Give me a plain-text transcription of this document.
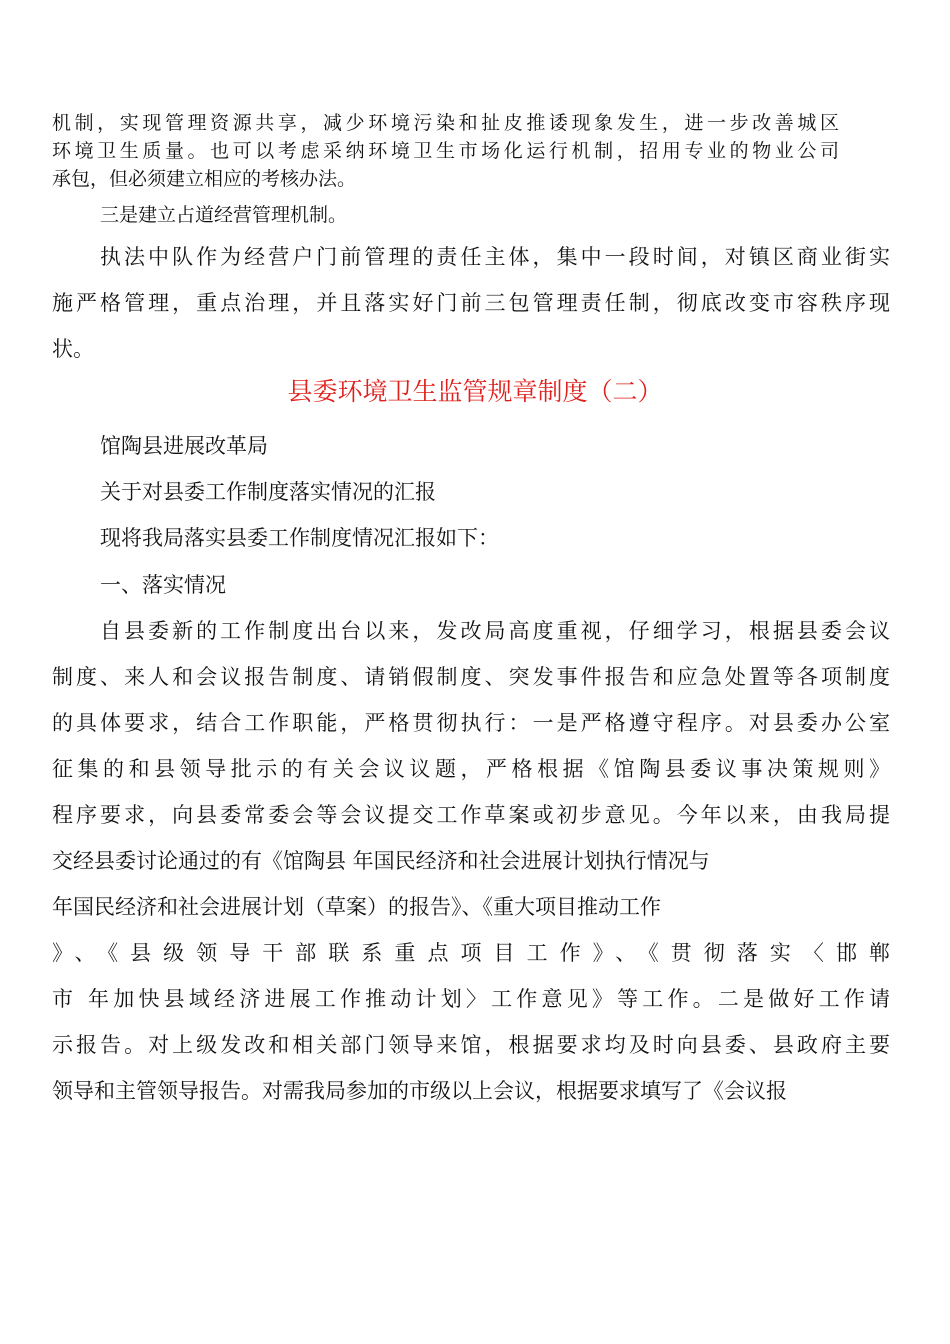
机制，实现管理资源共享，减少环境污染和扯皮推诿现象发生，进一步改善城区
环境卫生质量。也可以考虑采纳环境卫生市场化运行机制，招用专业的物业公司
承包，但必须建立相应的考核办法。
三是建立占道经营管理机制。
执法中队作为经营户门前管理的责任主体，集中一段时间，对镇区商业街实
施严格管理，重点治理，并且落实好门前三包管理责任制，彻底改变市容秩序现
状。
县委环境卫生监管规章制度（二）
馆陶县进展改革局
关于对县委工作制度落实情况的汇报
现将我局落实县委工作制度情况汇报如下：
一、落实情况
自县委新的工作制度出台以来，发改局高度重视，仔细学习，根据县委会议
制度、来人和会议报告制度、请销假制度、突发事件报告和应急处置等各项制度
的具体要求，结合工作职能，严格贯彻执行：一是严格遵守程序。对县委办公室
征集的和县领导批示的有关会议议题，严格根据《馆陶县委议事决策规则》
程序要求，向县委常委会等会议提交工作草案或初步意见。今年以来，由我局提
交经县委讨论通过的有《馆陶县 年国民经济和社会进展计划执行情况与
年国民经济和社会进展计划（草案）的报告》、《重大项目推动工作
》、《县级领导干部联系重点项目工作》、《贯彻落实〈邯郸
市 年加快县域经济进展工作推动计划〉工作意见》等工作。二是做好工作请
示报告。对上级发改和相关部门领导来馆，根据要求均及时向县委、县政府主要
领导和主管领导报告。对需我局参加的市级以上会议，根据要求填写了《会议报
